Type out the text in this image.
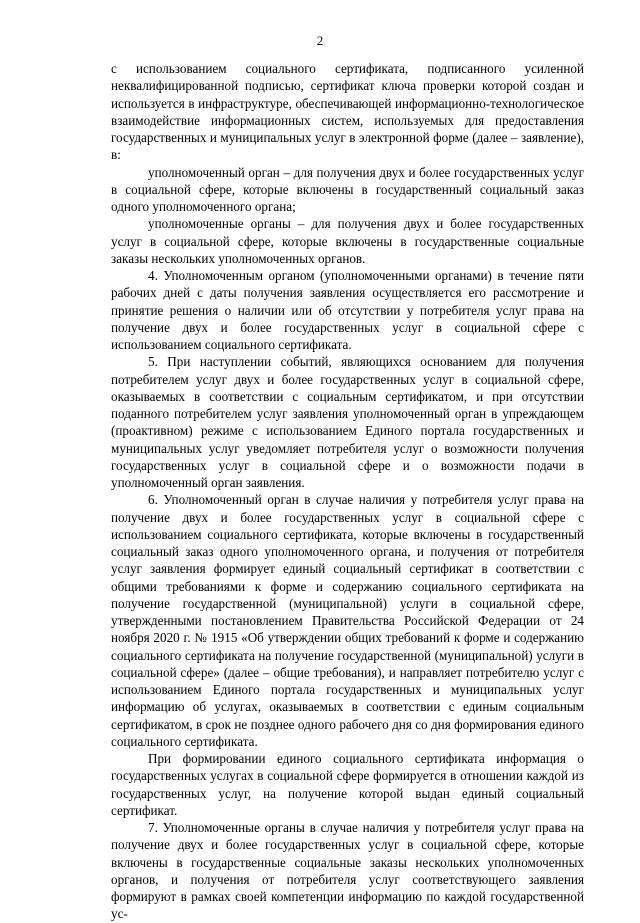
2

с использованием социального сертификата, подписанного усиленной неквалифицированной подписью, сертификат ключа проверки которой создан и используется в инфраструктуре, обеспечивающей информационно-технологическое взаимодействие информационных систем, используемых для предоставления государственных и муниципальных услуг в электронной форме (далее – заявление), в:

уполномоченный орган – для получения двух и более государственных услуг в социальной сфере, которые включены в государственный социальный заказ одного уполномоченного органа;

уполномоченные органы – для получения двух и более государственных услуг в социальной сфере, которые включены в государственные социальные заказы нескольких уполномоченных органов.

4. Уполномоченным органом (уполномоченными органами) в течение пяти рабочих дней с даты получения заявления осуществляется его рассмотрение и принятие решения о наличии или об отсутствии у потребителя услуг права на получение двух и более государственных услуг в социальной сфере с использованием социального сертификата.

5. При наступлении событий, являющихся основанием для получения потребителем услуг двух и более государственных услуг в социальной сфере, оказываемых в соответствии с социальным сертификатом, и при отсутствии поданного потребителем услуг заявления уполномоченный орган в упреждающем (проактивном) режиме с использованием Единого портала государственных и муниципальных услуг уведомляет потребителя услуг о возможности получения государственных услуг в социальной сфере и о возможности подачи в уполномоченный орган заявления.

6. Уполномоченный орган в случае наличия у потребителя услуг права на получение двух и более государственных услуг в социальной сфере с использованием социального сертификата, которые включены в государственный социальный заказ одного уполномоченного органа, и получения от потребителя услуг заявления формирует единый социальный сертификат в соответствии с общими требованиями к форме и содержанию социального сертификата на получение государственной (муниципальной) услуги в социальной сфере, утвержденными постановлением Правительства Российской Федерации от 24 ноября 2020 г. № 1915 «Об утверждении общих требований к форме и содержанию социального сертификата на получение государственной (муниципальной) услуги в социальной сфере» (далее – общие требования), и направляет потребителю услуг с использованием Единого портала государственных и муниципальных услуг информацию об услугах, оказываемых в соответствии с единым социальным сертификатом, в срок не позднее одного рабочего дня со дня формирования единого социального сертификата.

При формировании единого социального сертификата информация о государственных услугах в социальной сфере формируется в отношении каждой из государственных услуг, на получение которой выдан единый социальный сертификат.

7. Уполномоченные органы в случае наличия у потребителя услуг права на получение двух и более государственных услуг в социальной сфере, которые включены в государственные социальные заказы нескольких уполномоченных органов, и получения от потребителя услуг соответствующего заявления формируют в рамках своей компетенции информацию по каждой государственной ус-
